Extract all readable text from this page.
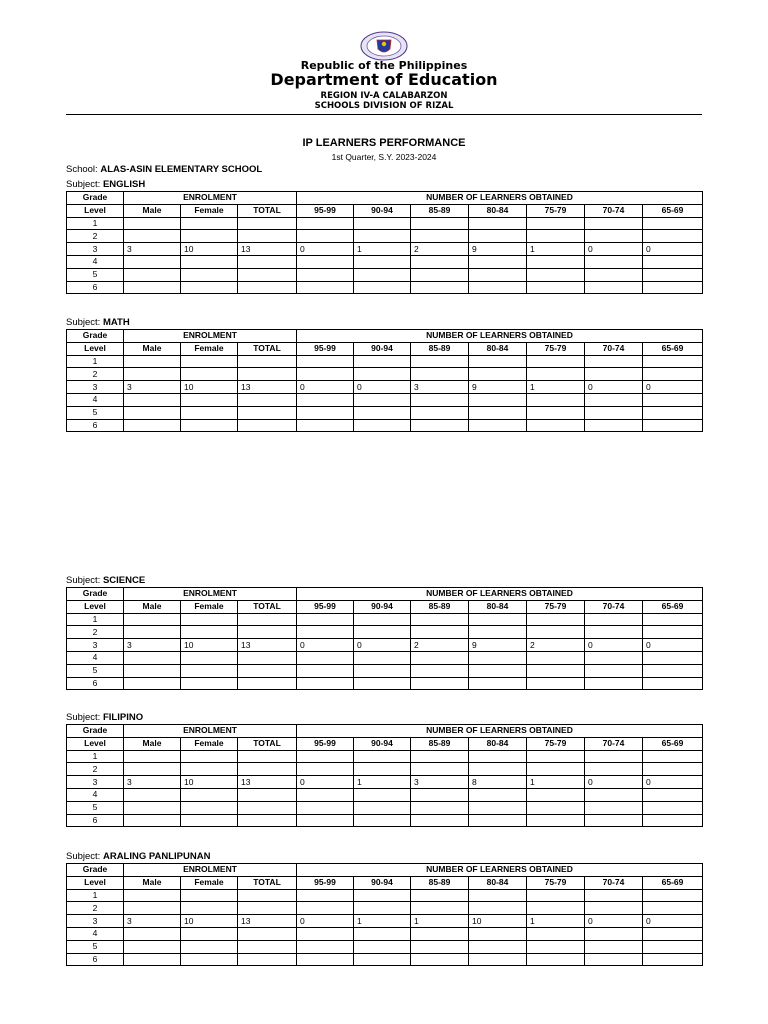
Republic of the Philippines
Department of Education
REGION IV-A CALABARZON
SCHOOLS DIVISION OF RIZAL
IP LEARNERS PERFORMANCE
1st Quarter, S.Y. 2023-2024
School: ALAS-ASIN ELEMENTARY SCHOOL
Subject: ENGLISH
Grade	ENROLMENT			NUMBER OF LEARNERS OBTAINED						
Level	Male	Female	TOTAL	95-99	90-94	85-89	80-84	75-79	70-74	65-69
1										
2										
3	3	10	13	0	1	2	9	1	0	0
4										
5										
6										
Subject: MATH
Grade	ENROLMENT			NUMBER OF LEARNERS OBTAINED						
Level	Male	Female	TOTAL	95-99	90-94	85-89	80-84	75-79	70-74	65-69
1										
2										
3	3	10	13	0	0	3	9	1	0	0
4										
5										
6										
Subject: SCIENCE
Grade	ENROLMENT			NUMBER OF LEARNERS OBTAINED						
Level	Male	Female	TOTAL	95-99	90-94	85-89	80-84	75-79	70-74	65-69
1										
2										
3	3	10	13	0	0	2	9	2	0	0
4										
5										
6										
Subject: FILIPINO
Grade	ENROLMENT			NUMBER OF LEARNERS OBTAINED						
Level	Male	Female	TOTAL	95-99	90-94	85-89	80-84	75-79	70-74	65-69
1										
2										
3	3	10	13	0	1	3	8	1	0	0
4										
5										
6										
Subject: ARALING PANLIPUNAN
Grade	ENROLMENT			NUMBER OF LEARNERS OBTAINED						
Level	Male	Female	TOTAL	95-99	90-94	85-89	80-84	75-79	70-74	65-69
1										
2										
3	3	10	13	0	1	1	10	1	0	0
4										
5										
6										
